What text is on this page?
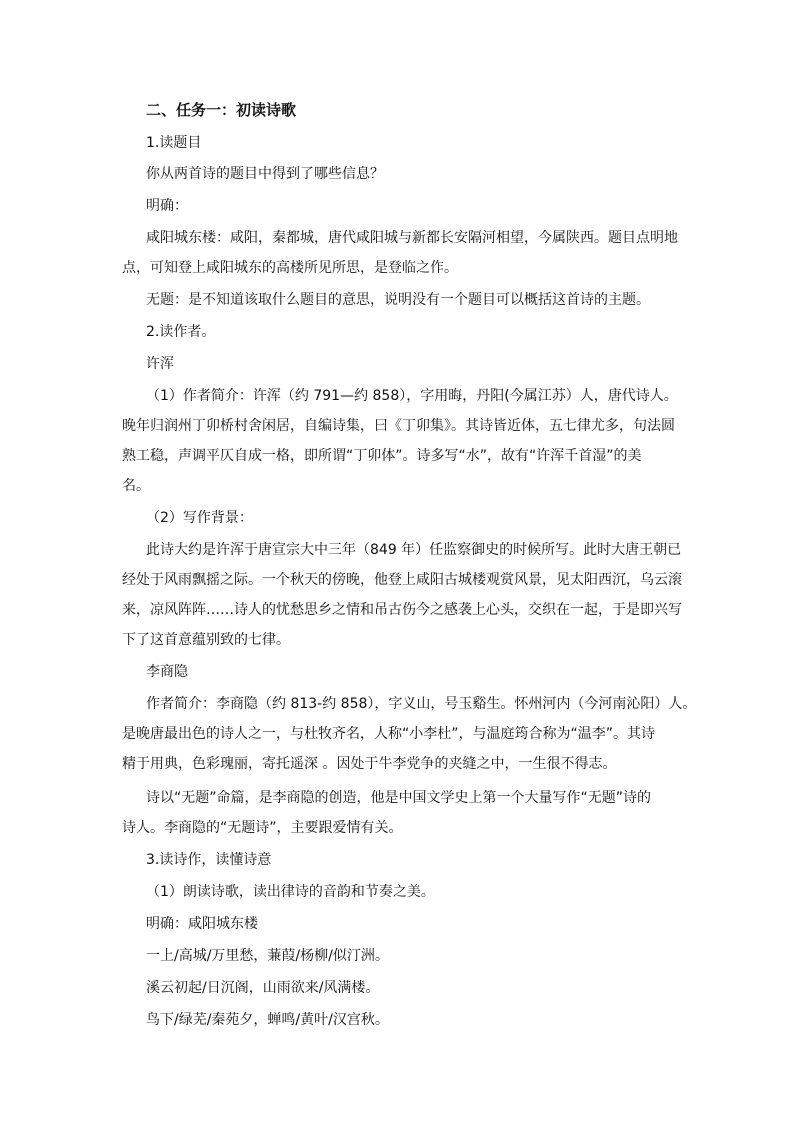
二、任务一：初读诗歌
1.读题目
你从两首诗的题目中得到了哪些信息？
明确：
咸阳城东楼：咸阳，秦都城，唐代咸阳城与新都长安隔河相望，今属陕西。题目点明地
点，可知登上咸阳城东的高楼所见所思，是登临之作。
无题：是不知道该取什么题目的意思，说明没有一个题目可以概括这首诗的主题。
2.读作者。
许浑
（1）作者简介：许浑（约 791—约 858），字用晦，丹阳(今属江苏）人，唐代诗人。
晚年归润州丁卯桥村舍闲居，自编诗集，曰《丁卯集》。其诗皆近体，五七律尤多，句法圆
熟工稳，声调平仄自成一格，即所谓“丁卯体”。诗多写“水”，故有“许浑千首湿”的美
名。
（2）写作背景：
此诗大约是许浑于唐宣宗大中三年（849 年）任监察御史的时候所写。此时大唐王朝已
经处于风雨飘摇之际。一个秋天的傍晚，他登上咸阳古城楼观赏风景，见太阳西沉，乌云滚
来，凉风阵阵……诗人的忧愁思乡之情和吊古伤今之感袭上心头，交织在一起，于是即兴写
下了这首意蕴别致的七律。
李商隐
作者简介：李商隐（约 813-约 858），字义山，号玉谿生。怀州河内（今河南沁阳）人。
是晚唐最出色的诗人之一，与杜牧齐名，人称“小李杜”，与温庭筠合称为“温李”。其诗
精于用典，色彩瑰丽，寄托遥深 。因处于牛李党争的夹缝之中，一生很不得志。
诗以“无题”命篇，是李商隐的创造，他是中国文学史上第一个大量写作“无题”诗的
诗人。李商隐的“无题诗”，主要跟爱情有关。
3.读诗作，读懂诗意
（1）朗读诗歌，读出律诗的音韵和节奏之美。
明确：咸阳城东楼
一上/高城/万里愁，蒹葭/杨柳/似汀洲。
溪云初起/日沉阁，山雨欲来/风满楼。
鸟下/绿芜/秦苑夕，蝉鸣/黄叶/汉宫秋。
